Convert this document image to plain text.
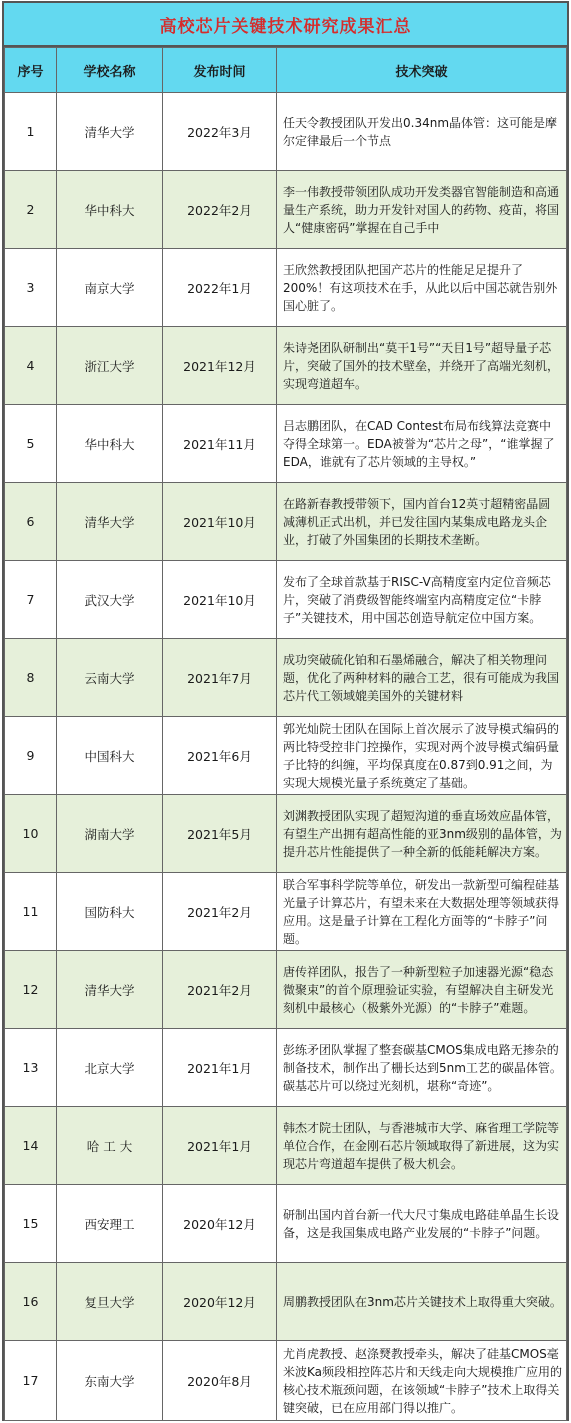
高校芯片关键技术研究成果汇总
序号	学校名称	发布时间	技术突破
1	清华大学	2022年3月	任天令教授团队开发出0.34nm晶体管：这可能是摩尔定律最后一个节点
2	华中科大	2022年2月	李一伟教授带领团队成功开发类器官智能制造和高通量生产系统，助力开发针对国人的药物、疫苗，将国人“健康密码”掌握在自己手中
3	南京大学	2022年1月	王欣然教授团队把国产芯片的性能足足提升了200%！有这项技术在手，从此以后中国芯就告别外国心脏了。
4	浙江大学	2021年12月	朱诗尧团队研制出“莫干1号”“天目1号”超导量子芯片，突破了国外的技术壁垒，并绕开了高端光刻机，实现弯道超车。
5	华中科大	2021年11月	吕志鹏团队，在CAD Contest布局布线算法竞赛中夺得全球第一。EDA被誉为“芯片之母”，“谁掌握了EDA，谁就有了芯片领域的主导权。”
6	清华大学	2021年10月	在路新春教授带领下，国内首台12英寸超精密晶圆减薄机正式出机，并已发往国内某集成电路龙头企业，打破了外国集团的长期技术垄断。
7	武汉大学	2021年10月	发布了全球首款基于RISC-V高精度室内定位音频芯片，突破了消费级智能终端室内高精度定位“卡脖子”关键技术，用中国芯创造导航定位中国方案。
8	云南大学	2021年7月	成功突破硫化铂和石墨烯融合，解决了相关物理问题，优化了两种材料的融合工艺，很有可能成为我国芯片代工领域媲美国外的关键材料
9	中国科大	2021年6月	郭光灿院士团队在国际上首次展示了波导模式编码的两比特受控非门控操作，实现对两个波导模式编码量子比特的纠缠，平均保真度在0.87到0.91之间，为实现大规模光量子系统奠定了基础。
10	湖南大学	2021年5月	刘渊教授团队实现了超短沟道的垂直场效应晶体管，有望生产出拥有超高性能的亚3nm级别的晶体管，为提升芯片性能提供了一种全新的低能耗解决方案。
11	国防科大	2021年2月	联合军事科学院等单位，研发出一款新型可编程硅基光量子计算芯片，有望未来在大数据处理等领域获得应用。这是量子计算在工程化方面等的“卡脖子”问题。
12	清华大学	2021年2月	唐传祥团队，报告了一种新型粒子加速器光源“稳态微聚束”的首个原理验证实验，有望解决自主研发光刻机中最核心（极紫外光源）的“卡脖子”难题。
13	北京大学	2021年1月	彭练矛团队掌握了整套碳基CMOS集成电路无掺杂的制备技术，制作出了栅长达到5nm工艺的碳晶体管。碳基芯片可以绕过光刻机，堪称“奇迹”。
14	哈 工 大	2021年1月	韩杰才院士团队，与香港城市大学、麻省理工学院等单位合作，在金刚石芯片领域取得了新进展，这为实现芯片弯道超车提供了极大机会。
15	西安理工	2020年12月	研制出国内首台新一代大尺寸集成电路硅单晶生长设备，这是我国集成电路产业发展的“卡脖子”问题。
16	复旦大学	2020年12月	周鹏教授团队在3nm芯片关键技术上取得重大突破。
17	东南大学	2020年8月	尤肖虎教授、赵涤燹教授牵头，解决了硅基CMOS毫米波Ka频段相控阵芯片和天线走向大规模推广应用的核心技术瓶颈问题，在该领域“卡脖子”技术上取得关键突破，已在应用部门得以推广。
